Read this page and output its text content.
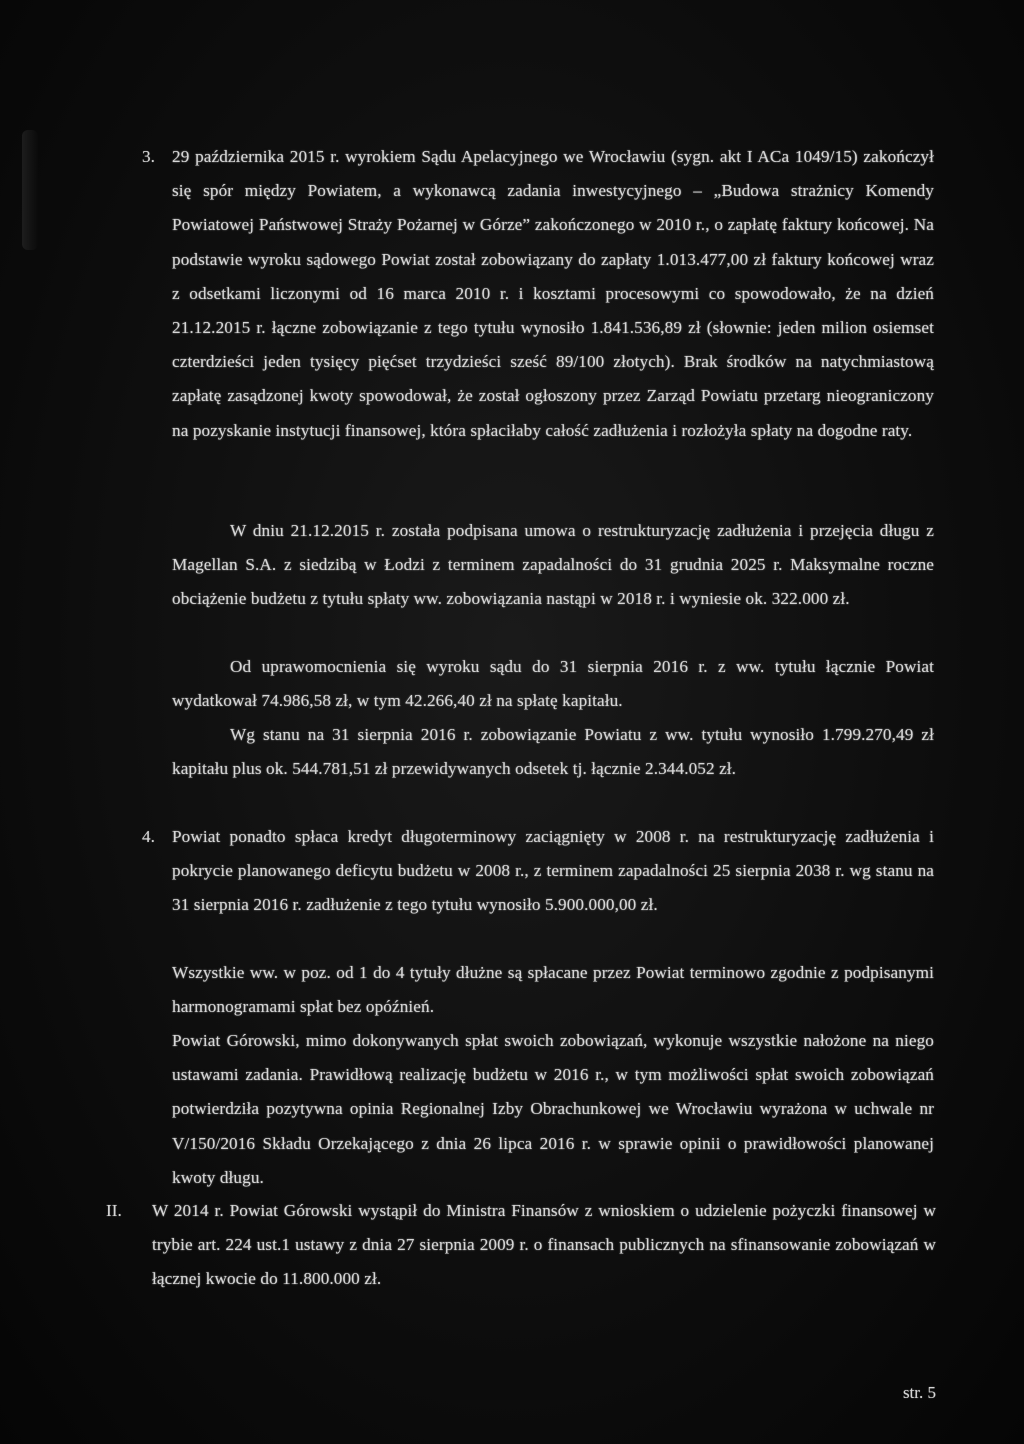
3. 29 października 2015 r. wyrokiem Sądu Apelacyjnego we Wrocławiu (sygn. akt I ACa 1049/15) zakończył się spór między Powiatem, a wykonawcą zadania inwestycyjnego – „Budowa strażnicy Komendy Powiatowej Państwowej Straży Pożarnej w Górze” zakończonego w 2010 r., o zapłatę faktury końcowej. Na podstawie wyroku sądowego Powiat został zobowiązany do zapłaty 1.013.477,00 zł faktury końcowej wraz z odsetkami liczonymi od 16 marca 2010 r. i kosztami procesowymi co spowodowało, że na dzień 21.12.2015 r. łączne zobowiązanie z tego tytułu wynosiło 1.841.536,89 zł (słownie: jeden milion osiemset czterdzieści jeden tysięcy pięćset trzydzieści sześć 89/100 złotych). Brak środków na natychmiastową zapłatę zasądzonej kwoty spowodował, że został ogłoszony przez Zarząd Powiatu przetarg nieograniczony na pozyskanie instytucji finansowej, która spłaciłaby całość zadłużenia i rozłożyła spłaty na dogodne raty.

W dniu 21.12.2015 r. została podpisana umowa o restrukturyzację zadłużenia i przejęcia długu z Magellan S.A. z siedzibą w Łodzi z terminem zapadalności do 31 grudnia 2025 r. Maksymalne roczne obciążenie budżetu z tytułu spłaty ww. zobowiązania nastąpi w 2018 r. i wyniesie ok. 322.000 zł.

Od uprawomocnienia się wyroku sądu do 31 sierpnia 2016 r. z ww. tytułu łącznie Powiat wydatkował 74.986,58 zł, w tym 42.266,40 zł na spłatę kapitału.

Wg stanu na 31 sierpnia 2016 r. zobowiązanie Powiatu z ww. tytułu wynosiło 1.799.270,49 zł kapitału plus ok. 544.781,51 zł przewidywanych odsetek tj. łącznie 2.344.052 zł.

4. Powiat ponadto spłaca kredyt długoterminowy zaciągnięty w 2008 r. na restrukturyzację zadłużenia i pokrycie planowanego deficytu budżetu w 2008 r., z terminem zapadalności 25 sierpnia 2038 r. wg stanu na 31 sierpnia 2016 r. zadłużenie z tego tytułu wynosiło 5.900.000,00 zł.

Wszystkie ww. w poz. od 1 do 4 tytuły dłużne są spłacane przez Powiat terminowo zgodnie z podpisanymi harmonogramami spłat bez opóźnień.

Powiat Górowski, mimo dokonywanych spłat swoich zobowiązań, wykonuje wszystkie nałożone na niego ustawami zadania. Prawidłową realizację budżetu w 2016 r., w tym możliwości spłat swoich zobowiązań potwierdziła pozytywna opinia Regionalnej Izby Obrachunkowej we Wrocławiu wyrażona w uchwale nr V/150/2016 Składu Orzekającego z dnia 26 lipca 2016 r. w sprawie opinii o prawidłowości planowanej kwoty długu.

II. W 2014 r. Powiat Górowski wystąpił do Ministra Finansów z wnioskiem o udzielenie pożyczki finansowej w trybie art. 224 ust.1 ustawy z dnia 27 sierpnia 2009 r. o finansach publicznych na sfinansowanie zobowiązań w łącznej kwocie do 11.800.000 zł.

str. 5
